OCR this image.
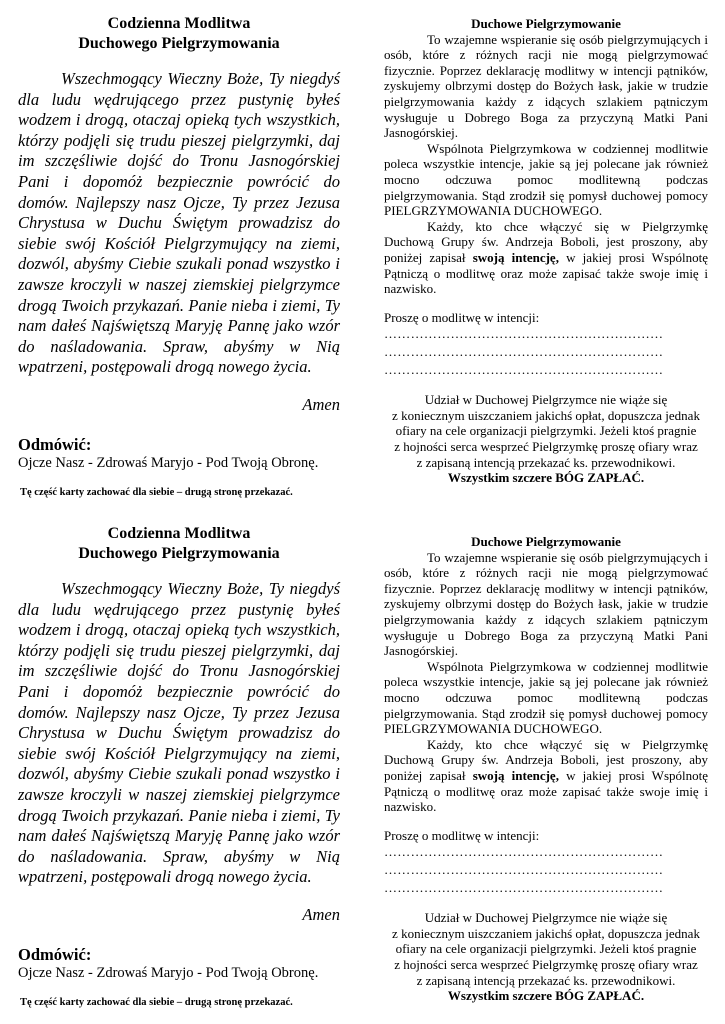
Codzienna Modlitwa
Duchowego Pielgrzymowania
Wszechmogący Wieczny Boże, Ty niegdyś dla ludu wędrującego przez pustynię byłeś wodzem i drogą, otaczaj opieką tych wszystkich, którzy podjęli się trudu pieszej pielgrzymki, daj im szczęśliwie dojść do Tronu Jasnogórskiej Pani i dopomóż bezpiecznie powrócić do domów. Najlepszy nasz Ojcze, Ty przez Jezusa Chrystusa w Duchu Świętym prowadzisz do siebie swój Kościół Pielgrzymujący na ziemi, dozwól, abyśmy Ciebie szukali ponad wszystko i zawsze kroczyli w naszej ziemskiej pielgrzymce drogą Twoich przykazań. Panie nieba i ziemi, Ty nam dałeś Najświętszą Maryję Pannę jako wzór do naśladowania. Spraw, abyśmy w Nią wpatrzeni, postępowali drogą nowego życia.
Amen
Odmówić:
Ojcze Nasz - Zdrowaś Maryjo - Pod Twoją Obronę.
Tę część karty zachować dla siebie – drugą stronę przekazać.
Duchowe Pielgrzymowanie

To wzajemne wspieranie się osób pielgrzymujących i osób, które z różnych racji nie mogą pielgrzymować fizycznie. Poprzez deklarację modlitwy w intencji pątników, zyskujemy olbrzymi dostęp do Bożych łask, jakie w trudzie pielgrzymowania każdy z idących szlakiem pątniczym wysługuje u Dobrego Boga za przyczyną Matki Pani Jasnogórskiej.

Wspólnota Pielgrzymkowa w codziennej modlitwie poleca wszystkie intencje, jakie są jej polecane jak również mocno odczuwa pomoc modlitewną podczas pielgrzymowania. Stąd zrodził się pomysł duchowej pomocy PIELGRZYMOWANIA DUCHOWEGO.

Każdy, kto chce włączyć się w Pielgrzymkę Duchową Grupy św. Andrzeja Boboli, jest proszony, aby poniżej zapisał swoją intencję, w jakiej prosi Wspólnotę Pątniczą o modlitwę oraz może zapisać także swoje imię i nazwisko.

Proszę o modlitwę w intencji:
………………………………………………………
………………………………………………………
………………………………………………………
Udział w Duchowej Pielgrzymce nie wiąże się
z koniecznym uiszczaniem jakichś opłat, dopuszcza jednak
ofiary na cele organizacji pielgrzymki. Jeżeli ktoś pragnie
z hojności serca wesprzeć Pielgrzymkę proszę ofiary wraz
z zapisaną intencją przekazać ks. przewodnikowi.
Wszystkim szczere BÓG ZAPŁAĆ.
Codzienna Modlitwa
Duchowego Pielgrzymowania
Wszechmogący Wieczny Boże, Ty niegdyś dla ludu wędrującego przez pustynię byłeś wodzem i drogą, otaczaj opieką tych wszystkich, którzy podjęli się trudu pieszej pielgrzymki, daj im szczęśliwie dojść do Tronu Jasnogórskiej Pani i dopomóż bezpiecznie powrócić do domów. Najlepszy nasz Ojcze, Ty przez Jezusa Chrystusa w Duchu Świętym prowadzisz do siebie swój Kościół Pielgrzymujący na ziemi, dozwól, abyśmy Ciebie szukali ponad wszystko i zawsze kroczyli w naszej ziemskiej pielgrzymce drogą Twoich przykazań. Panie nieba i ziemi, Ty nam dałeś Najświętszą Maryję Pannę jako wzór do naśladowania. Spraw, abyśmy w Nią wpatrzeni, postępowali drogą nowego życia.
Amen
Odmówić:
Ojcze Nasz - Zdrowaś Maryjo - Pod Twoją Obronę.
Tę część karty zachować dla siebie – drugą stronę przekazać.
Duchowe Pielgrzymowanie

To wzajemne wspieranie się osób pielgrzymujących i osób, które z różnych racji nie mogą pielgrzymować fizycznie. Poprzez deklarację modlitwy w intencji pątników, zyskujemy olbrzymi dostęp do Bożych łask, jakie w trudzie pielgrzymowania każdy z idących szlakiem pątniczym wysługuje u Dobrego Boga za przyczyną Matki Pani Jasnogórskiej.

Wspólnota Pielgrzymkowa w codziennej modlitwie poleca wszystkie intencje, jakie są jej polecane jak również mocno odczuwa pomoc modlitewną podczas pielgrzymowania. Stąd zrodził się pomysł duchowej pomocy PIELGRZYMOWANIA DUCHOWEGO.

Każdy, kto chce włączyć się w Pielgrzymkę Duchową Grupy św. Andrzeja Boboli, jest proszony, aby poniżej zapisał swoją intencję, w jakiej prosi Wspólnotę Pątniczą o modlitwę oraz może zapisać także swoje imię i nazwisko.

Proszę o modlitwę w intencji:
………………………………………………………
………………………………………………………
………………………………………………………
Udział w Duchowej Pielgrzymce nie wiąże się
z koniecznym uiszczaniem jakichś opłat, dopuszcza jednak
ofiary na cele organizacji pielgrzymki. Jeżeli ktoś pragnie
z hojności serca wesprzeć Pielgrzymkę proszę ofiary wraz
z zapisaną intencją przekazać ks. przewodnikowi.
Wszystkim szczere BÓG ZAPŁAĆ.
